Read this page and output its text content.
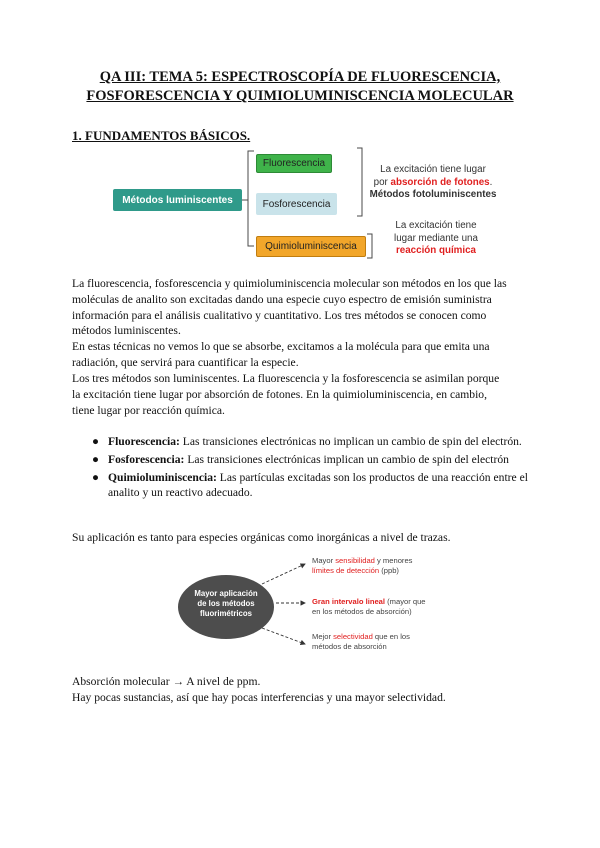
QA III: TEMA 5: ESPECTROSCOPÍA DE FLUORESCENCIA,
FOSFORESCENCIA Y QUIMIOLUMINISCENCIA MOLECULAR
1. FUNDAMENTOS BÁSICOS.
Métodos luminiscentes
Fluorescencia
Fosforescencia
Quimioluminiscencia
La excitación tiene lugar
por absorción de fotones.
Métodos fotoluminiscentes
La excitación tiene
lugar mediante una
reacción química
La fluorescencia, fosforescencia y quimioluminiscencia molecular son métodos en los que las
moléculas de analito son excitadas dando una especie cuyo espectro de emisión suministra
información para el análisis cualitativo y cuantitativo. Los tres métodos se conocen como
métodos luminiscentes.
En estas técnicas no vemos lo que se absorbe, excitamos a la molécula para que emita una
radiación, que servirá para cuantificar la especie.
Los tres métodos son luminiscentes. La fluorescencia y la fosforescencia se asimilan porque
la excitación tiene lugar por absorción de fotones. En la quimioluminiscencia, en cambio,
tiene lugar por reacción química.
● Fluorescencia: Las transiciones electrónicas no implican un cambio de spin del electrón.
● Fosforescencia: Las transiciones electrónicas implican un cambio de spin del electrón
● Quimioluminiscencia: Las partículas excitadas son los productos de una reacción entre el analito y un reactivo adecuado.
Su aplicación es tanto para especies orgánicas como inorgánicas a nivel de trazas.
Mayor aplicación
de los métodos
fluorimétricos
Mayor sensibilidad y menores
límites de detección (ppb)
Gran intervalo lineal (mayor que
en los métodos de absorción)
Mejor selectividad que en los
métodos de absorción
Absorción molecular → A nivel de ppm.
Hay pocas sustancias, así que hay pocas interferencias y una mayor selectividad.
